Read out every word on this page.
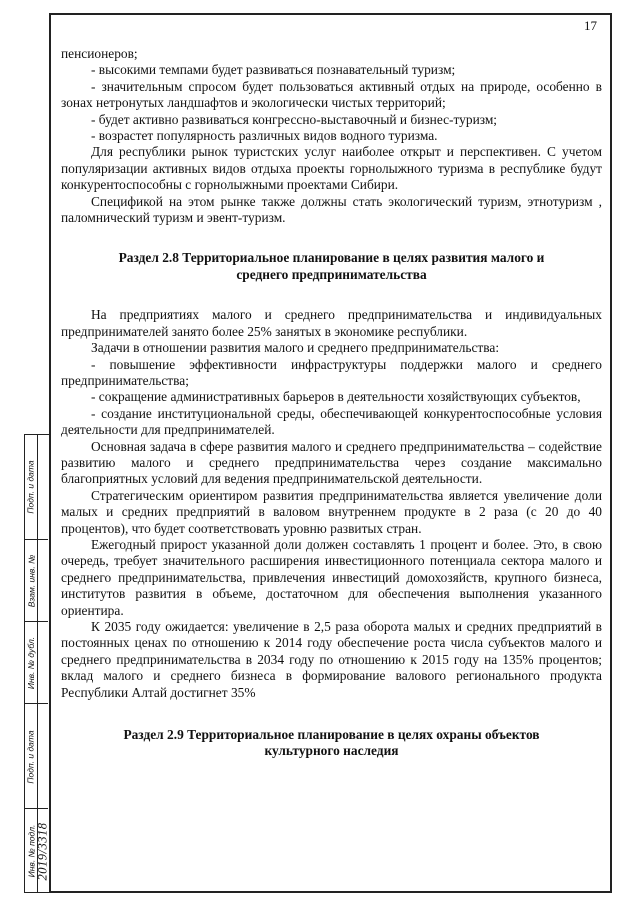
17
Подп. и дата
Взам. инв. №
Инв. № дубл.
Подп. и дата
Инв. № подл. 2019/3318

пенсионеров;

- высокими темпами будет развиваться познавательный туризм;

- значительным спросом будет пользоваться активный отдых на природе, особенно в зонах нетронутых ландшафтов и экологически чистых территорий;

- будет активно развиваться конгрессно-выставочный и бизнес-туризм;

- возрастет популярность различных видов водного туризма.

Для республики рынок туристских услуг наиболее открыт и перспективен. С учетом популяризации активных видов отдыха проекты горнолыжного туризма в республике будут конкурентоспособны с горнолыжными проектами Сибири.

Спецификой на этом рынке также должны стать экологический туризм, этнотуризм , паломнический туризм и эвент-туризм.

Раздел 2.8 Территориальное планирование в целях развития малого и

среднего предпринимательства

На предприятиях малого и среднего предпринимательства и индивидуальных предпринимателей занято более 25% занятых в экономике республики.

Задачи в отношении развития малого и среднего предпринимательства:

- повышение эффективности инфраструктуры поддержки малого и среднего предпринимательства;

- сокращение административных барьеров в деятельности хозяйствующих субъектов,

- создание институциональной среды, обеспечивающей конкурентоспособные условия деятельности для предпринимателей.

Основная задача в сфере развития малого и среднего предпринимательства – содействие развитию малого и среднего предпринимательства через создание максимально благоприятных условий для ведения предпринимательской деятельности.

Стратегическим ориентиром развития предпринимательства является увеличение доли малых и средних предприятий в валовом внутреннем продукте в 2 раза (с 20 до 40 процентов), что будет соответствовать уровню развитых стран.

Ежегодный прирост указанной доли должен составлять 1 процент и более. Это, в свою очередь, требует значительного расширения инвестиционного потенциала сектора малого и среднего предпринимательства, привлечения инвестиций домохозяйств, крупного бизнеса, институтов развития в объеме, достаточном для обеспечения выполнения указанного ориентира.

К 2035 году ожидается: увеличение в 2,5 раза оборота малых и средних предприятий в постоянных ценах по отношению к 2014 году обеспечение роста числа субъектов малого и среднего предпринимательства в 2034 году по отношению к 2015 году на 135% процентов; вклад малого и среднего бизнеса в формирование валового регионального продукта Республики Алтай достигнет 35%

Раздел 2.9 Территориальное планирование в целях охраны объектов

культурного наследия
